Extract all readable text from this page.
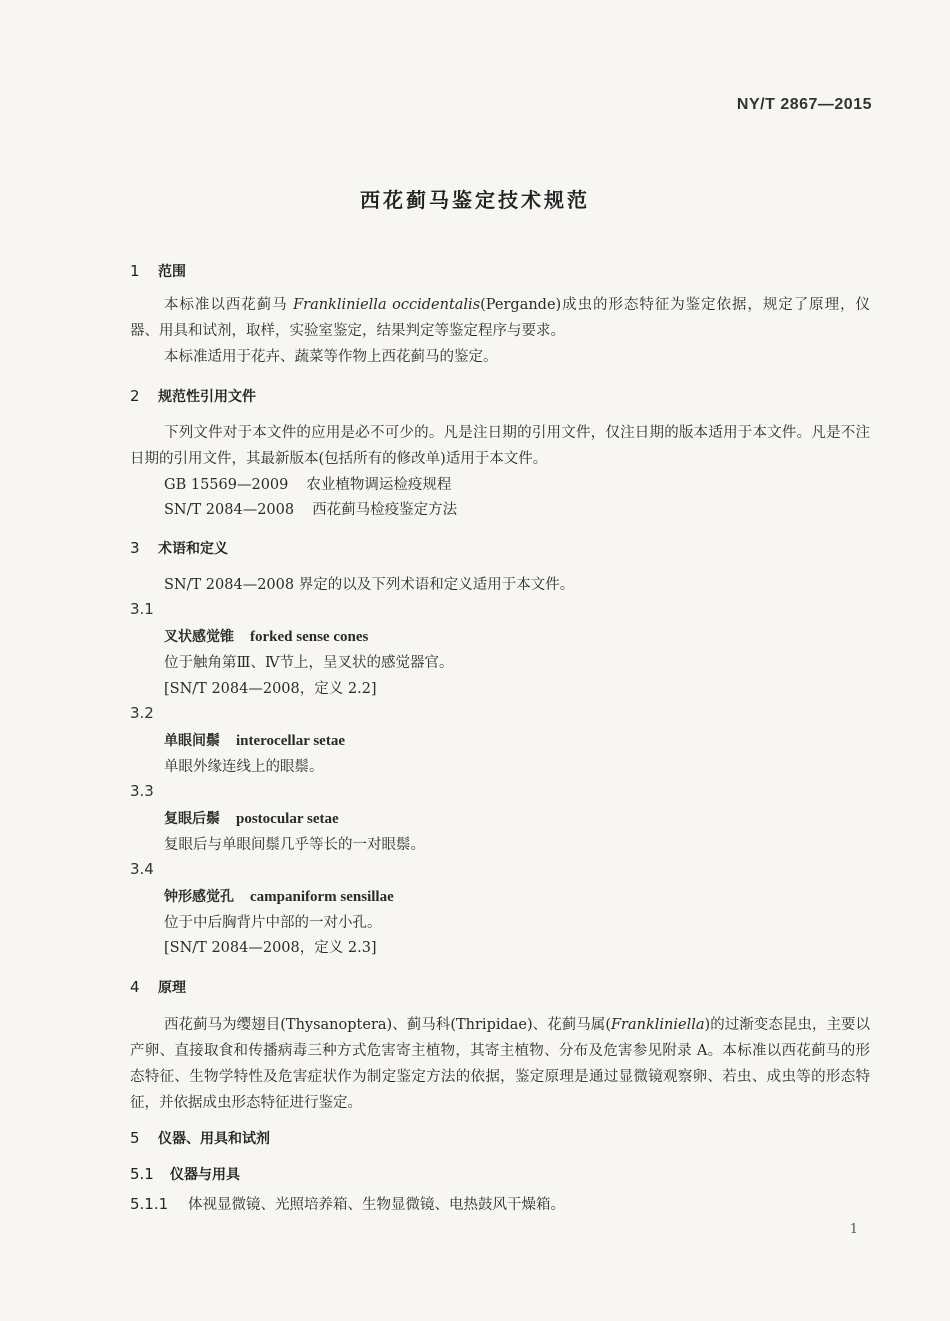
NY/T 2867—2015
西花蓟马鉴定技术规范
1 范围
本标准以西花蓟马 Frankliniella occidentalis(Pergande)成虫的形态特征为鉴定依据，规定了原理，仪器、用具和试剂，取样，实验室鉴定，结果判定等鉴定程序与要求。
本标准适用于花卉、蔬菜等作物上西花蓟马的鉴定。
2 规范性引用文件
下列文件对于本文件的应用是必不可少的。凡是注日期的引用文件，仅注日期的版本适用于本文件。凡是不注日期的引用文件，其最新版本(包括所有的修改单)适用于本文件。
GB 15569—2009 农业植物调运检疫规程
SN/T 2084—2008 西花蓟马检疫鉴定方法
3 术语和定义
SN/T 2084—2008 界定的以及下列术语和定义适用于本文件。
3.1
叉状感觉锥 forked sense cones
位于触角第Ⅲ、Ⅳ节上，呈叉状的感觉器官。
[SN/T 2084—2008，定义 2.2]
3.2
单眼间鬃 interocellar setae
单眼外缘连线上的眼鬃。
3.3
复眼后鬃 postocular setae
复眼后与单眼间鬃几乎等长的一对眼鬃。
3.4
钟形感觉孔 campaniform sensillae
位于中后胸背片中部的一对小孔。
[SN/T 2084—2008，定义 2.3]
4 原理
西花蓟马为缨翅目(Thysanoptera)、蓟马科(Thripidae)、花蓟马属(Frankliniella)的过渐变态昆虫，主要以产卵、直接取食和传播病毒三种方式危害寄主植物，其寄主植物、分布及危害参见附录 A。本标准以西花蓟马的形态特征、生物学特性及危害症状作为制定鉴定方法的依据，鉴定原理是通过显微镜观察卵、若虫、成虫等的形态特征，并依据成虫形态特征进行鉴定。
5 仪器、用具和试剂
5.1 仪器与用具
5.1.1 体视显微镜、光照培养箱、生物显微镜、电热鼓风干燥箱。
1
